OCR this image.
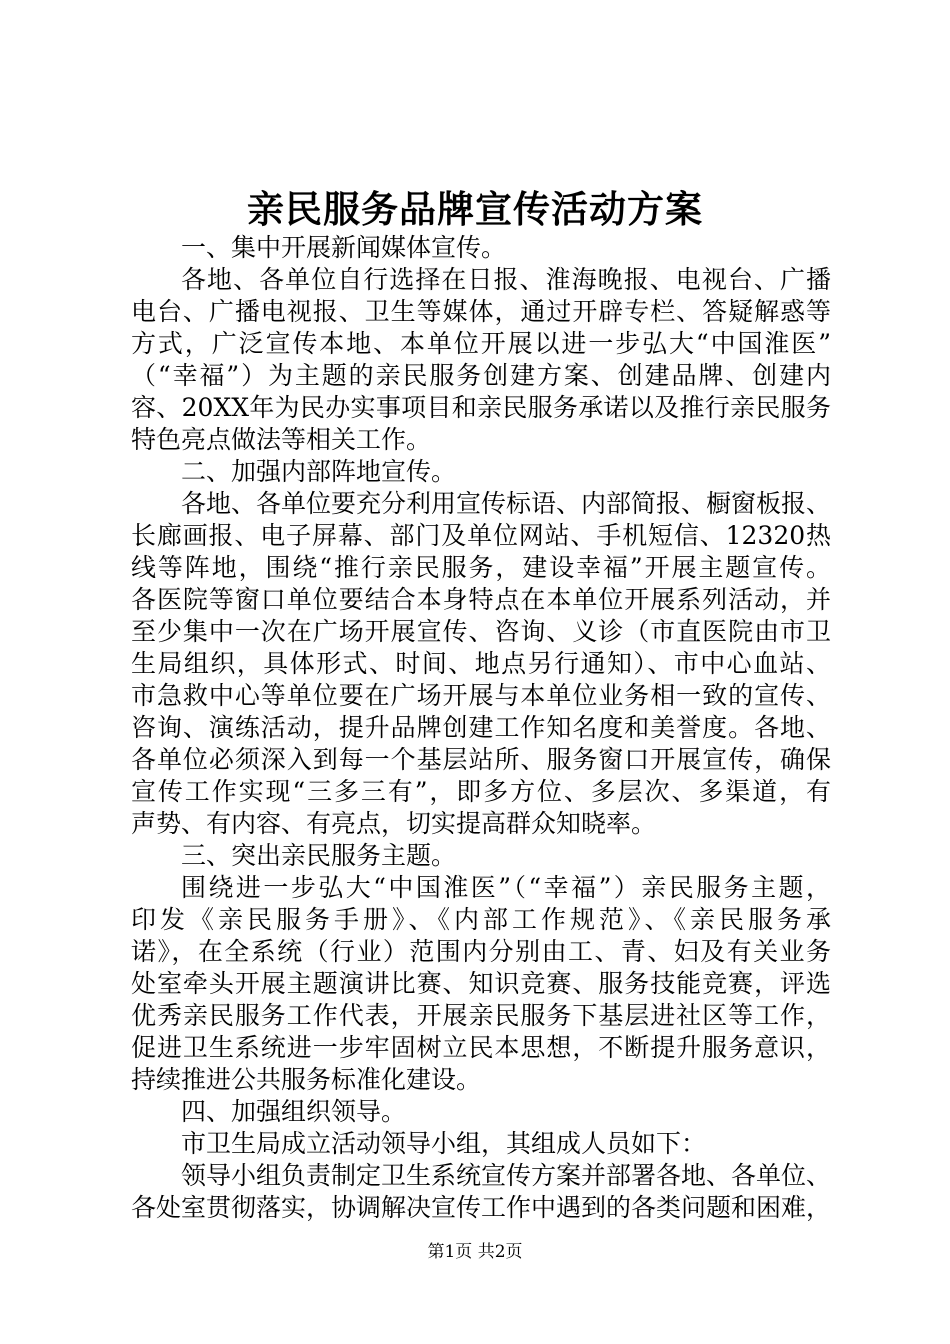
亲民服务品牌宣传活动方案
一、集中开展新闻媒体宣传。
各地、各单位自行选择在日报、淮海晚报、电视台、广播
电台、广播电视报、卫生等媒体，通过开辟专栏、答疑解惑等
方式，广泛宣传本地、本单位开展以进一步弘大“中国淮医”
（“幸福”）为主题的亲民服务创建方案、创建品牌、创建内
容、20XX年为民办实事项目和亲民服务承诺以及推行亲民服务
特色亮点做法等相关工作。
二、加强内部阵地宣传。
各地、各单位要充分利用宣传标语、内部简报、橱窗板报、
长廊画报、电子屏幕、部门及单位网站、手机短信、12320热
线等阵地，围绕“推行亲民服务，建设幸福”开展主题宣传。
各医院等窗口单位要结合本身特点在本单位开展系列活动，并
至少集中一次在广场开展宣传、咨询、义诊（市直医院由市卫
生局组织，具体形式、时间、地点另行通知）、市中心血站、
市急救中心等单位要在广场开展与本单位业务相一致的宣传、
咨询、演练活动，提升品牌创建工作知名度和美誉度。各地、
各单位必须深入到每一个基层站所、服务窗口开展宣传，确保
宣传工作实现“三多三有”，即多方位、多层次、多渠道，有
声势、有内容、有亮点，切实提高群众知晓率。
三、突出亲民服务主题。
围绕进一步弘大“中国淮医”（“幸福”）亲民服务主题，
印发《亲民服务手册》、《内部工作规范》、《亲民服务承
诺》，在全系统（行业）范围内分别由工、青、妇及有关业务
处室牵头开展主题演讲比赛、知识竞赛、服务技能竞赛，评选
优秀亲民服务工作代表，开展亲民服务下基层进社区等工作，
促进卫生系统进一步牢固树立民本思想，不断提升服务意识，
持续推进公共服务标准化建设。
四、加强组织领导。
市卫生局成立活动领导小组，其组成人员如下：
领导小组负责制定卫生系统宣传方案并部署各地、各单位、
各处室贯彻落实，协调解决宣传工作中遇到的各类问题和困难，
第1页 共2页
